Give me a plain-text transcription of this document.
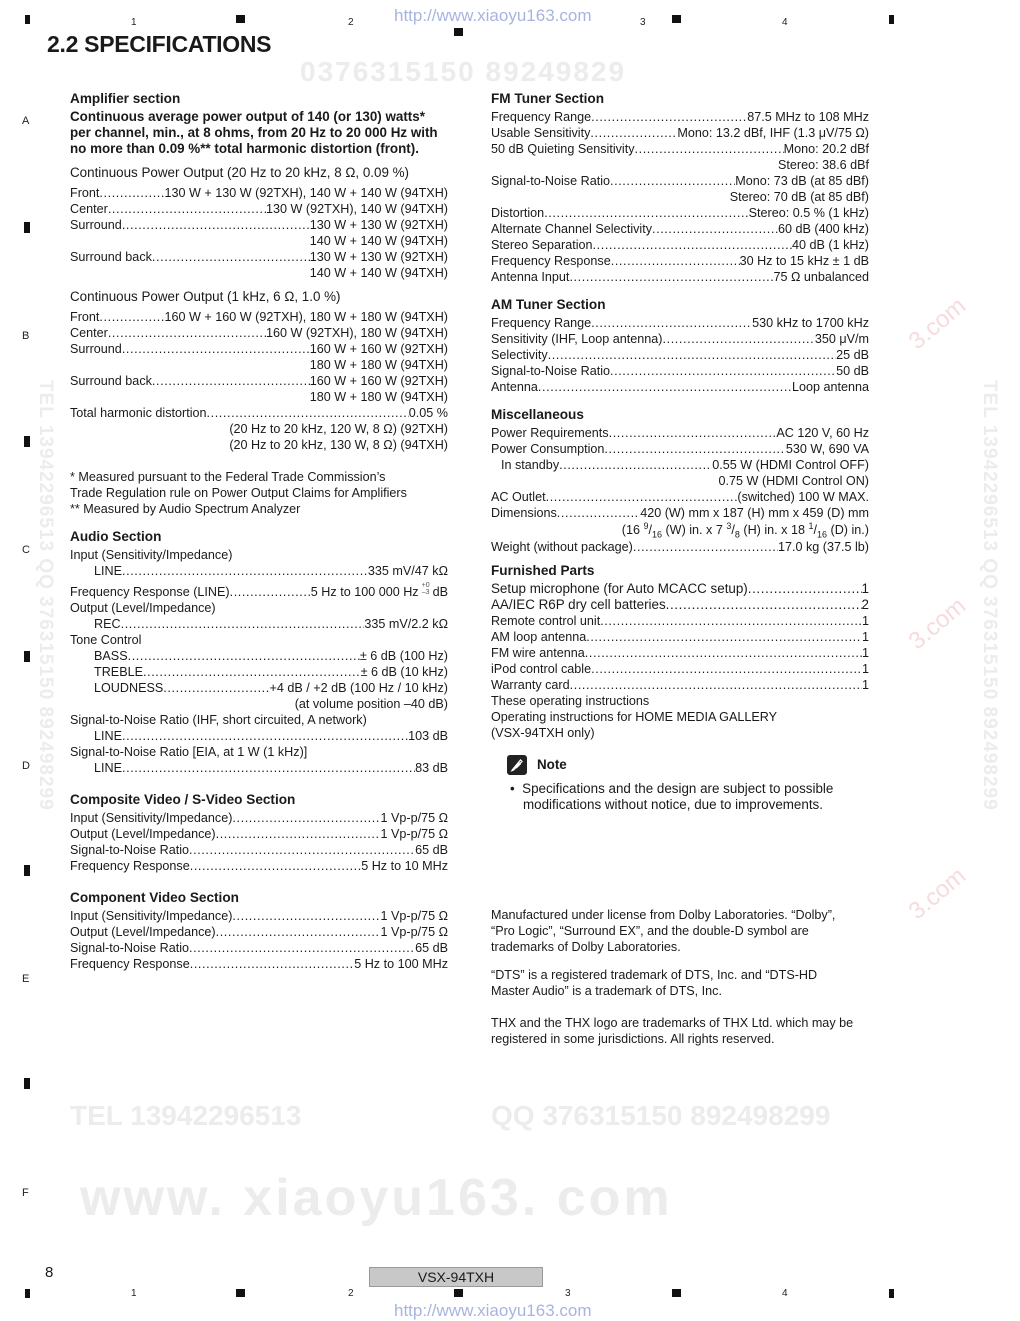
0376315150 89249829
TEL 13942296513 QQ 376315150 892498299	TEL 13942296513 QQ 376315150 892498299
TEL 13942296513	QQ 376315150 892498299
www. xiaoyu163. com
3.com
3.com
3.com
http://www.xiaoyu163.com
http://www.xiaoyu163.com
1	2	3	4
1	2	3	4
A
B
C
D
E
F
2.2 SPECIFICATIONS
Amplifier section
Continuous average power output of 140 (or 130) watts* per channel, min., at 8 ohms, from 20 Hz to 20 000 Hz with no more than 0.09 %** total harmonic distortion (front).
Continuous Power Output (20 Hz to 20 kHz, 8 Ω, 0.09 %)
Front .....	130 W + 130 W (92TXH), 140 W + 140 W (94TXH)
Center .....	130 W (92TXH), 140 W (94TXH)
Surround .....	130 W + 130 W (92TXH)
140 W + 140 W (94TXH)
Surround back .....	130 W + 130 W (92TXH)
140 W + 140 W (94TXH)
Continuous Power Output (1 kHz, 6 Ω, 1.0 %)
Front .....	160 W + 160 W (92TXH), 180 W + 180 W (94TXH)
Center .....	160 W (92TXH), 180 W (94TXH)
Surround .....	160 W + 160 W (92TXH)
180 W + 180 W (94TXH)
Surround back .....	160 W + 160 W (92TXH)
180 W + 180 W (94TXH)
Total harmonic distortion .....	0.05 %
(20 Hz to 20 kHz, 120 W, 8 Ω) (92TXH)
(20 Hz to 20 kHz, 130 W, 8 Ω) (94TXH)
* Measured pursuant to the Federal Trade Commission’s
Trade Regulation rule on Power Output Claims for Amplifiers
** Measured by Audio Spectrum Analyzer
Audio Section
Input (Sensitivity/Impedance)
LINE .....	335 mV/47 kΩ
Frequency Response (LINE) .....	5 Hz to 100 000 Hz +0
–3 dB
Output (Level/Impedance)
REC .....	335 mV/2.2 kΩ
Tone Control
BASS .....	± 6 dB (100 Hz)
TREBLE .....	± 6 dB (10 kHz)
LOUDNESS .....	+4 dB / +2 dB (100 Hz / 10 kHz)
(at volume position –40 dB)
Signal-to-Noise Ratio (IHF, short circuited, A network)
LINE .....	103 dB
Signal-to-Noise Ratio [EIA, at 1 W (1 kHz)]
LINE .....	83 dB
Composite Video / S-Video Section
Input (Sensitivity/Impedance) .....	1 Vp-p/75 Ω
Output (Level/Impedance) .....	1 Vp-p/75 Ω
Signal-to-Noise Ratio .....	65 dB
Frequency Response .....	5 Hz to 10 MHz
Component Video Section
Input (Sensitivity/Impedance) .....	1 Vp-p/75 Ω
Output (Level/Impedance) .....	1 Vp-p/75 Ω
Signal-to-Noise Ratio .....	65 dB
Frequency Response .....	5 Hz to 100 MHz
FM Tuner Section
Frequency Range .....	87.5 MHz to 108 MHz
Usable Sensitivity .....	Mono: 13.2 dBf, IHF (1.3 μV/75 Ω)
50 dB Quieting Sensitivity .....	Mono: 20.2 dBf
Stereo: 38.6 dBf
Signal-to-Noise Ratio .....	Mono: 73 dB (at 85 dBf)
Stereo: 70 dB (at 85 dBf)
Distortion .....	Stereo: 0.5 % (1 kHz)
Alternate Channel Selectivity .....	60 dB (400 kHz)
Stereo Separation .....	40 dB (1 kHz)
Frequency Response .....	30 Hz to 15 kHz ± 1 dB
Antenna Input .....	75 Ω unbalanced
AM Tuner Section
Frequency Range .....	530 kHz to 1700 kHz
Sensitivity (IHF, Loop antenna) .....	350 μV/m
Selectivity .....	25 dB
Signal-to-Noise Ratio .....	50 dB
Antenna .....	Loop antenna
Miscellaneous
Power Requirements .....	AC 120 V, 60 Hz
Power Consumption .....	530 W, 690 VA
In standby .....	0.55 W (HDMI Control OFF)
0.75 W (HDMI Control ON)
AC Outlet .....	(switched) 100 W MAX.
Dimensions .....	420 (W) mm x 187 (H) mm x 459 (D) mm
(16 $^9/_{16}$ (W) in. x 7 $^3/_8$ (H) in. x 18 $^1/_{16}$ (D) in.)
Weight (without package) .....	17.0 kg (37.5 lb)
Furnished Parts
Setup microphone (for Auto MCACC setup) .....	1
AA/IEC R6P dry cell batteries .....	2
Remote control unit .....	1
AM loop antenna .....	1
FM wire antenna .....	1
iPod control cable .....	1
Warranty card .....	1
These operating instructions
Operating instructions for HOME MEDIA GALLERY
(VSX-94TXH only)
Note
• Specifications and the design are subject to possible
modifications without notice, due to improvements.
Manufactured under license from Dolby Laboratories. “Dolby”,
“Pro Logic”, “Surround EX”, and the double-D symbol are
trademarks of Dolby Laboratories.
“DTS” is a registered trademark of DTS, Inc. and “DTS-HD
Master Audio” is a trademark of DTS, Inc.
THX and the THX logo are trademarks of THX Ltd. which may be
registered in some jurisdictions. All rights reserved.
8	VSX-94TXH
